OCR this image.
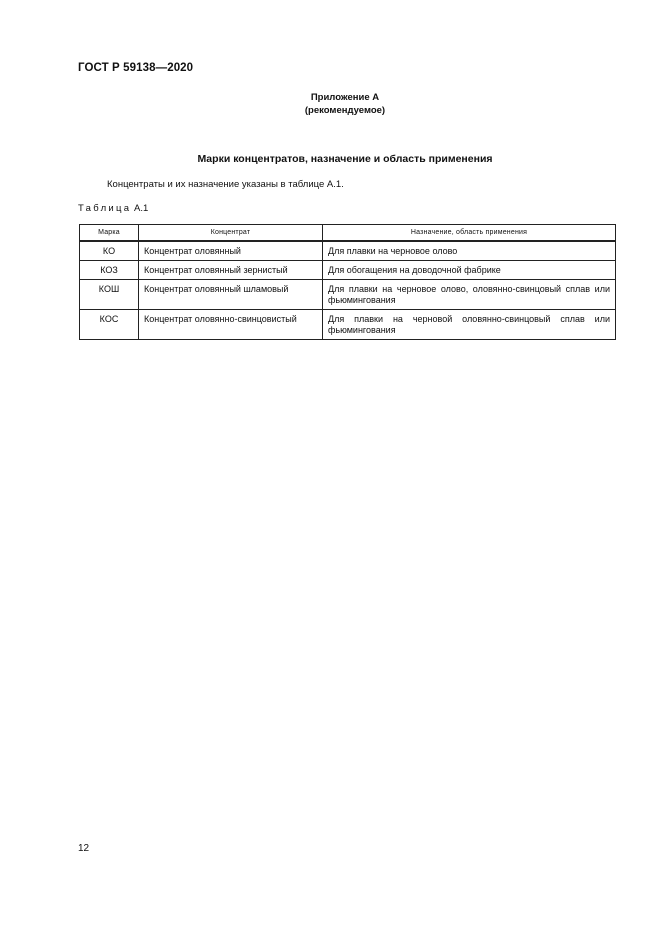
ГОСТ Р 59138—2020
Приложение А
(рекомендуемое)
Марки концентратов, назначение и область применения
Концентраты и их назначение указаны в таблице А.1.
Таблица А.1
Марка	Концентрат	Назначение, область применения
КО	Концентрат оловянный	Для плавки на черновое олово
КОЗ	Концентрат оловянный зернистый	Для обогащения на доводочной фабрике
КОШ	Концентрат оловянный шламовый	Для плавки на черновое олово, оловянно-свинцовый сплав или фьюмингования
КОС	Концентрат оловянно-свинцовистый	Для плавки на черновой оловянно-свинцовый сплав или фьюмингования
12
